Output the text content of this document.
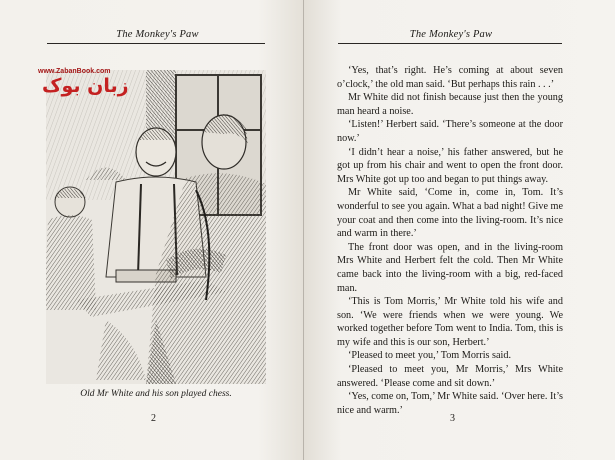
The Monkey's Paw
www.ZabanBook.com
زبان بوک
Old Mr White and his son played chess.
2
The Monkey's Paw

‘Yes, that’s right. He’s coming at about seven o’clock,’ the old man said. ‘But perhaps this rain . . .’

Mr White did not finish because just then the young man heard a noise.

‘Listen!’ Herbert said. ‘There’s someone at the door now.’

‘I didn’t hear a noise,’ his father answered, but he got up from his chair and went to open the front door. Mrs White got up too and began to put things away.

Mr White said, ‘Come in, come in, Tom. It’s wonderful to see you again. What a bad night! Give me your coat and then come into the living-room. It’s nice and warm in there.’

The front door was open, and in the living-room Mrs White and Herbert felt the cold. Then Mr White came back into the living-room with a big, red-faced man.

‘This is Tom Morris,’ Mr White told his wife and son. ‘We were friends when we were young. We worked together before Tom went to India. Tom, this is my wife and this is our son, Herbert.’

‘Pleased to meet you,’ Tom Morris said.

‘Pleased to meet you, Mr Morris,’ Mrs White answered. ‘Please come and sit down.’

‘Yes, come on, Tom,’ Mr White said. ‘Over here. It’s nice and warm.’

3
